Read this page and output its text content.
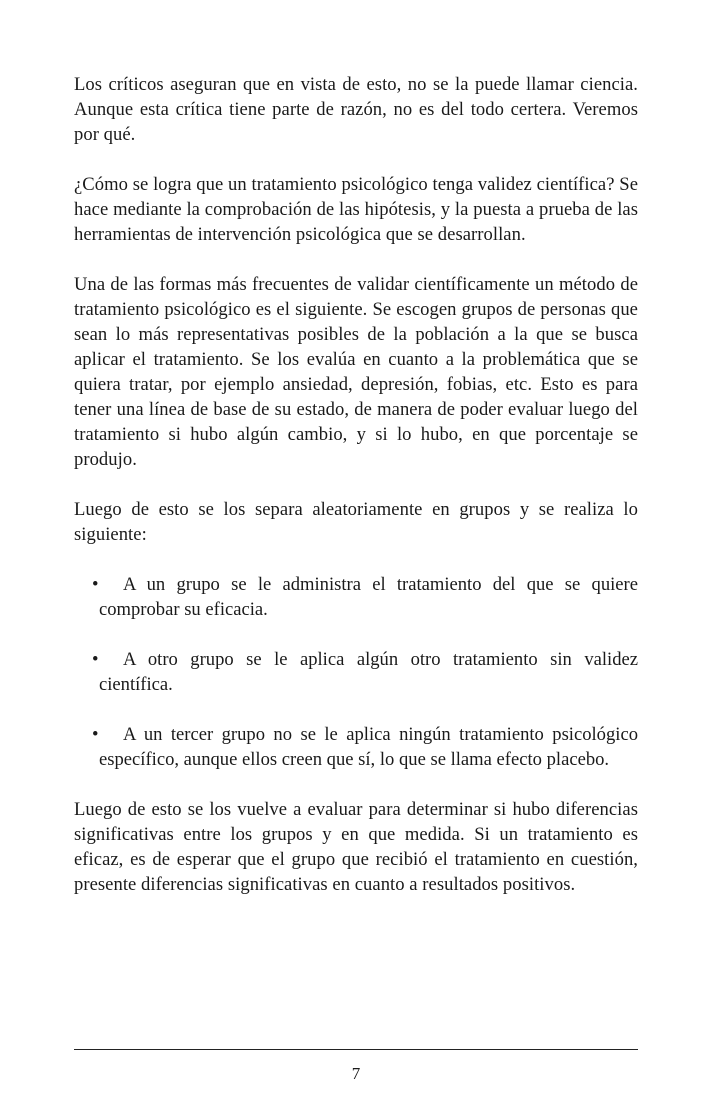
Los críticos aseguran que en vista de esto, no se la puede llamar ciencia. Aunque esta crítica tiene parte de razón, no es del todo certera. Veremos por qué.

¿Cómo se logra que un tratamiento psicológico tenga validez científica? Se hace mediante la comprobación de las hipótesis, y la puesta a prueba de las herramientas de intervención psicológica que se desarrollan.

Una de las formas más frecuentes de validar científicamente un método de tratamiento psicológico es el siguiente. Se escogen grupos de personas que sean lo más representativas posibles de la población a la que se busca aplicar el tratamiento. Se los evalúa en cuanto a la problemática que se quiera tratar, por ejemplo ansiedad, depresión, fobias, etc. Esto es para tener una línea de base de su estado, de manera de poder evaluar luego del tratamiento si hubo algún cambio, y si lo hubo, en que porcentaje se produjo.

Luego de esto se los separa aleatoriamente en grupos y se realiza lo siguiente:

•	A un grupo se le administra el tratamiento del que se quiere comprobar su eficacia.
•	A otro grupo se le aplica algún otro tratamiento sin validez científica.
•	A un tercer grupo no se le aplica ningún tratamiento psicológico específico, aunque ellos creen que sí, lo que se llama efecto placebo.

Luego de esto se los vuelve a evaluar para determinar si hubo diferencias significativas entre los grupos y en que medida. Si un tratamiento es eficaz, es de esperar que el grupo que recibió el tratamiento en cuestión, presente diferencias significativas en cuanto a resultados positivos.

7
